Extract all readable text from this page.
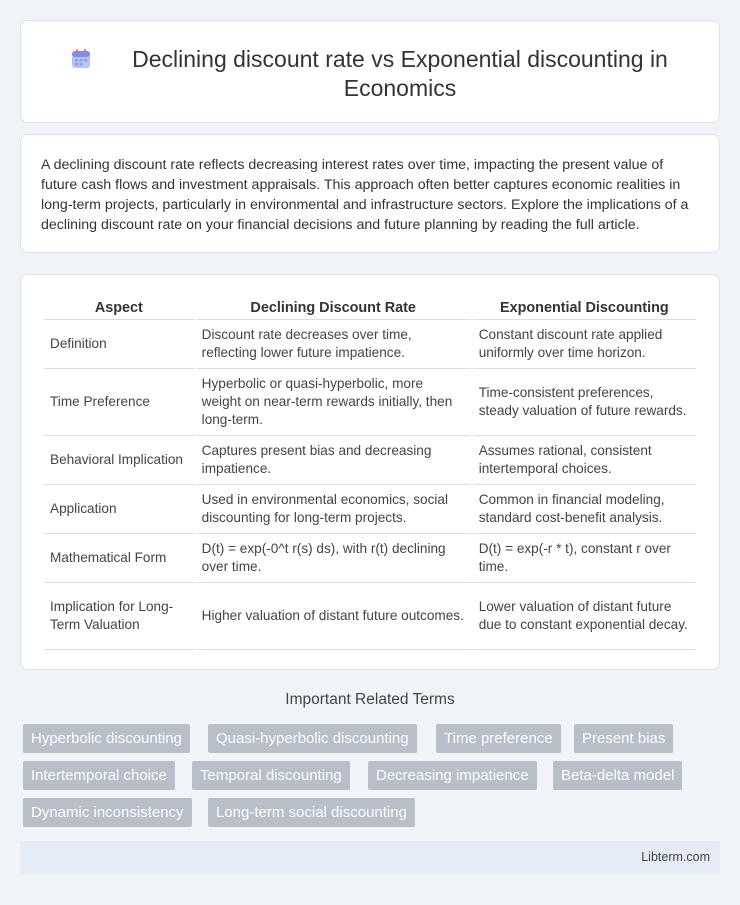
Declining discount rate vs Exponential discounting in Economics

A declining discount rate reflects decreasing interest rates over time, impacting the present value of future cash flows and investment appraisals. This approach often better captures economic realities in long-term projects, particularly in environmental and infrastructure sectors. Explore the implications of a declining discount rate on your financial decisions and future planning by reading the full article.

Aspect	Declining Discount Rate	Exponential Discounting
Definition	Discount rate decreases over time, reflecting lower future impatience.	Constant discount rate applied uniformly over time horizon.
Time Preference	Hyperbolic or quasi-hyperbolic, more weight on near-term rewards initially, then long-term.	Time-consistent preferences, steady valuation of future rewards.
Behavioral Implication	Captures present bias and decreasing impatience.	Assumes rational, consistent intertemporal choices.
Application	Used in environmental economics, social discounting for long-term projects.	Common in financial modeling, standard cost-benefit analysis.
Mathematical Form	D(t) = exp(-0^t r(s) ds), with r(t) declining over time.	D(t) = exp(-r * t), constant r over time.
Implication for Long-Term Valuation	Higher valuation of distant future outcomes.	Lower valuation of distant future due to constant exponential decay.
Important Related Terms
Hyperbolic discounting	Quasi-hyperbolic discounting	Time preference	Present bias
Intertemporal choice	Temporal discounting	Decreasing impatience	Beta-delta model
Dynamic inconsistency	Long-term social discounting
Libterm.com
